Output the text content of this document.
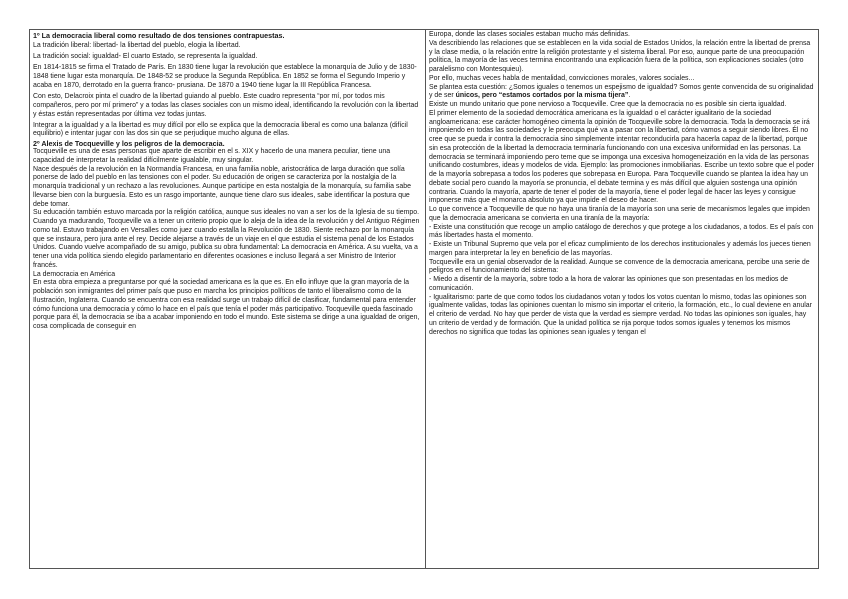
1º La democracia liberal como resultado de dos tensiones contrapuestas.

La tradición liberal: libertad- la libertad del pueblo, elogia la libertad.

La tradición social: igualdad- El cuarto Estado, se representa la igualdad.

En 1814-1815 se firma el Tratado de París. En 1830 tiene lugar la revolución que establece la monarquía de Julio y de 1830-1848 tiene lugar esta monarquía. De 1848-52 se produce la Segunda República. En 1852 se forma el Segundo Imperio y acaba en 1870, derrotado en la guerra franco- prusiana. De 1870 a 1940 tiene lugar la III República Francesa.

Con esto, Delacroix pinta el cuadro de la libertad guiando al pueblo. Este cuadro representa “por mí, por todos mis compañeros, pero por mí primero” y a todas las clases sociales con un mismo ideal, identificando la revolución con la libertad y éstas están representadas por última vez todas juntas.

Integrar a la igualdad y a la libertad es muy difícil por ello se explica que la democracia liberal es como una balanza (difícil equilibrio) e intentar jugar con las dos sin que se perjudique mucho alguna de ellas.

2º Alexis de Tocqueville y los peligros de la democracia.

Tocqueville es una de esas personas que aparte de escribir en el s. XIX y hacerlo de una manera peculiar, tiene una capacidad de interpretar la realidad difícilmente igualable, muy singular.

Nace después de la revolución en la Normandía Francesa, en una familia noble, aristocrática de larga duración que solía ponerse de lado del pueblo en las tensiones con el poder. Su educación de origen se caracteriza por la nostalgia de la monarquía tradicional y un rechazo a las revoluciones. Aunque participe en esta nostalgia de la monarquía, su familia sabe llevarse bien con la burguesía. Esto es un rasgo importante, aunque tiene claro sus ideales, sabe identificar la postura que debe tomar.

Su educación también estuvo marcada por la religión católica, aunque sus ideales no van a ser los de la Iglesia de su tiempo.

Cuando ya madurando, Tocqueville va a tener un criterio propio que lo aleja de la idea de la revolución y del Antiguo Régimen como tal. Estuvo trabajando en Versalles como juez cuando estalla la Revolución de 1830. Siente rechazo por la monarquía que se instaura, pero jura ante el rey. Decide alejarse a través de un viaje en el que estudia el sistema penal de los Estados Unidos. Cuando vuelve acompañado de su amigo, publica su obra fundamental: La democracia en América. A su vuelta, va a tener una vida política siendo elegido parlamentario en diferentes ocasiones e incluso llegará a ser Ministro de Interior francés.

La democracia en América

En esta obra empieza a preguntarse por qué la sociedad americana es la que es. En ello influye que la gran mayoría de la población son inmigrantes del primer país que puso en marcha los principios políticos de tanto el liberalismo como de la Ilustración, Inglaterra. Cuando se encuentra con esa realidad surge un trabajo difícil de clasificar, fundamental para entender cómo funciona una democracia y cómo lo hace en el país que tenía el poder más participativo. Tocqueville queda fascinado porque para él, la democracia se iba a acabar imponiendo en todo el mundo. Este sistema se dirige a una igualdad de origen, cosa complicada de conseguir en

Europa, donde las clases sociales estaban mucho más definidas.

Va describiendo las relaciones que se establecen en la vida social de Estados Unidos, la relación entre la libertad de prensa y la clase media, o la relación entre la religión protestante y el sistema liberal. Por eso, aunque parte de una preocupación política, la mayoría de las veces termina encontrando una explicación fuera de la política, son explicaciones sociales (otro paralelismo con Montesquieu).

Por ello, muchas veces habla de mentalidad, convicciones morales, valores sociales...

Se plantea esta cuestión: ¿Somos iguales o tenemos un espejismo de igualdad? Somos gente convencida de su originalidad y de ser únicos, pero “estamos cortados por la misma tijera”.

Existe un mundo unitario que pone nervioso a Tocqueville. Cree que la democracia no es posible sin cierta igualdad.

El primer elemento de la sociedad democrática americana es la igualdad o el carácter igualitario de la sociedad angloamericana: ese carácter homogéneo cimenta la opinión de Tocqueville sobre la democracia. Toda la democracia se irá imponiendo en todas las sociedades y le preocupa qué va a pasar con la libertad, cómo vamos a seguir siendo libres. Él no cree que se pueda ir contra la democracia sino simplemente intentar reconducirla para hacerla capaz de la libertad, porque sin esa protección de la libertad la democracia terminaría funcionando con una excesiva uniformidad en las personas. La democracia se terminará imponiendo pero teme que se imponga una excesiva homogeneización en la vida de las personas unificando costumbres, ideas y modelos de vida. Ejemplo: las promociones inmobiliarias. Escribe un texto sobre que el poder de la mayoría sobrepasa a todos los poderes que sobrepasa en Europa. Para Tocqueville cuando se plantea la idea hay un debate social pero cuando la mayoría se pronuncia, el debate termina y es más difícil que alguien sostenga una opinión contraria. Cuando la mayoría, aparte de tener el poder de la mayoría, tiene el poder legal de hacer las leyes y consigue imponerse más que el monarca absoluto ya que impide el deseo de hacer.

Lo que convence a Tocqueville de que no haya una tiranía de la mayoría son una serie de mecanismos legales que impiden que la democracia americana se convierta en una tiranía de la mayoría:

- Existe una constitución que recoge un amplio catálogo de derechos y que protege a los ciudadanos, a todos. Es el país con más libertades hasta el momento.

- Existe un Tribunal Supremo que vela por el eficaz cumplimiento de los derechos institucionales y además los jueces tienen margen para interpretar la ley en beneficio de las mayorías.

Tocqueville era un genial observador de la realidad. Aunque se convence de la democracia americana, percibe una serie de peligros en el funcionamiento del sistema:

- Miedo a disentir de la mayoría, sobre todo a la hora de valorar las opiniones que son presentadas en los medios de comunicación.

- Igualitarismo: parte de que como todos los ciudadanos votan y todos los votos cuentan lo mismo, todas las opiniones son igualmente validas, todas las opiniones cuentan lo mismo sin importar el criterio, la formación, etc., lo cual deviene en anular el criterio de verdad. No hay que perder de vista que la verdad es siempre verdad. No todas las opiniones son iguales, hay un criterio de verdad y de formación. Que la unidad política se rija porque todos somos iguales y tenemos los mismos derechos no significa que todas las opiniones sean iguales y tengan el
